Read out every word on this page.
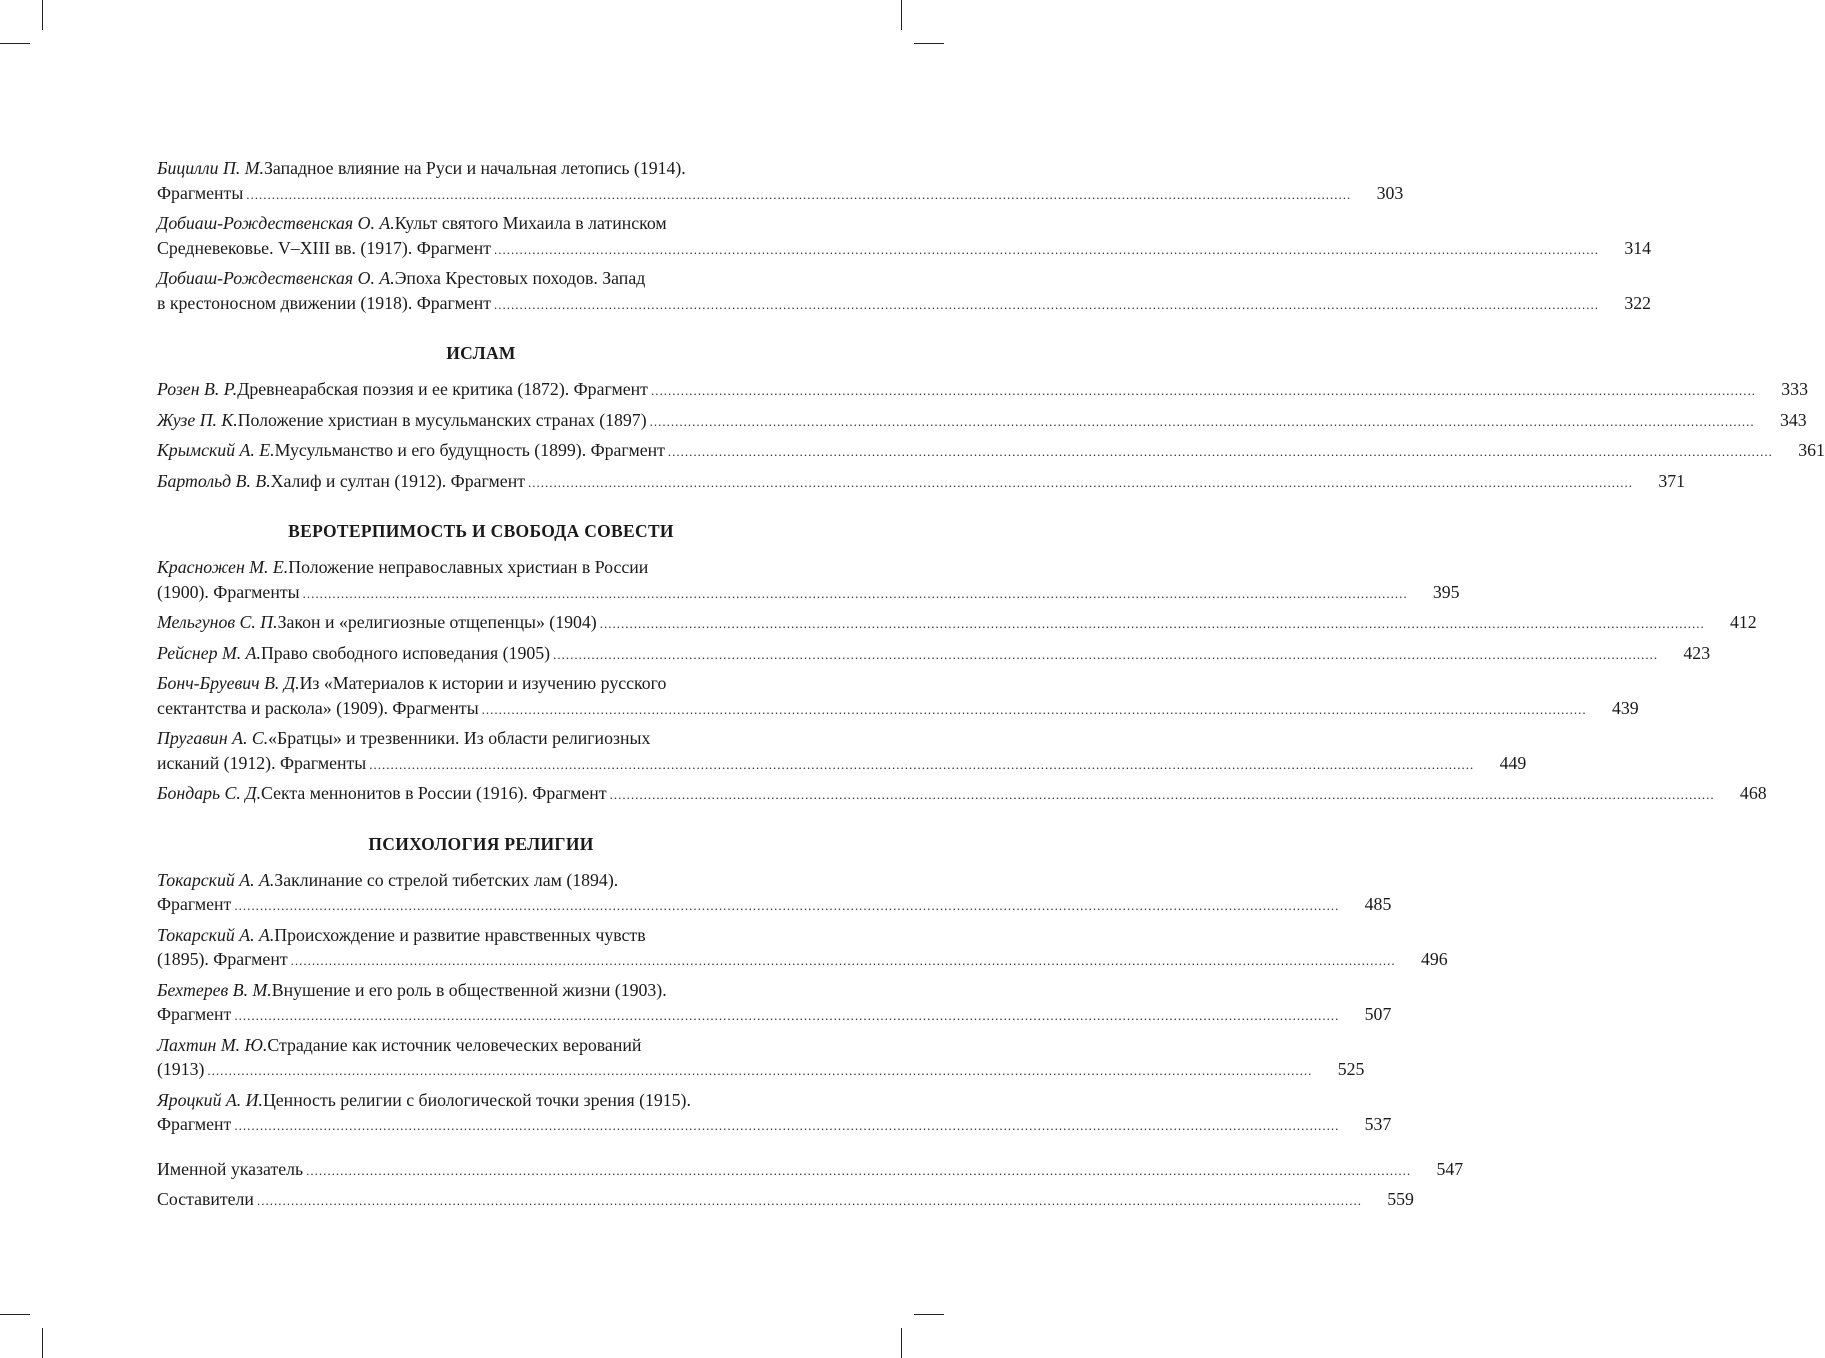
Бицилли П. М. Западное влияние на Руси и начальная летопись (1914).
Фрагменты .................................................................................................................................................................................................................................................................... 303
Добиаш-Рождественская О. А. Культ святого Михаила в латинском
Средневековье. V–XIII вв. (1917). Фрагмент .................................................................................................................................................................................................................................................................... 314
Добиаш-Рождественская О. А. Эпоха Крестовых походов. Запад
в крестоносном движении (1918). Фрагмент .................................................................................................................................................................................................................................................................... 322
ИСЛАМ
Розен В. Р. Древнеарабская поэзия и ее критика (1872). Фрагмент .................................................................................................................................................................................................................................................................... 333
Жузе П. К. Положение христиан в мусульманских странах (1897) .................................................................................................................................................................................................................................................................... 343
Крымский А. Е. Мусульманство и его будущность (1899). Фрагмент .................................................................................................................................................................................................................................................................... 361
Бартольд В. В. Халиф и султан (1912). Фрагмент .................................................................................................................................................................................................................................................................... 371
ВЕРОТЕРПИМОСТЬ И СВОБОДА СОВЕСТИ
Красножен М. Е. Положение неправославных христиан в России
(1900). Фрагменты .................................................................................................................................................................................................................................................................... 395
Мельгунов С. П. Закон и «религиозные отщепенцы» (1904) .................................................................................................................................................................................................................................................................... 412
Рейснер М. А. Право свободного исповедания (1905) .................................................................................................................................................................................................................................................................... 423
Бонч-Бруевич В. Д. Из «Материалов к истории и изучению русского
сектантства и раскола» (1909). Фрагменты .................................................................................................................................................................................................................................................................... 439
Пругавин А. С. «Братцы» и трезвенники. Из области религиозных
исканий (1912). Фрагменты .................................................................................................................................................................................................................................................................... 449
Бондарь С. Д. Секта меннонитов в России (1916). Фрагмент .................................................................................................................................................................................................................................................................... 468
ПСИХОЛОГИЯ РЕЛИГИИ
Токарский А. А. Заклинание со стрелой тибетских лам (1894).
Фрагмент .................................................................................................................................................................................................................................................................... 485
Токарский А. А. Происхождение и развитие нравственных чувств
(1895). Фрагмент .................................................................................................................................................................................................................................................................... 496
Бехтерев В. М. Внушение и его роль в общественной жизни (1903).
Фрагмент .................................................................................................................................................................................................................................................................... 507
Лахтин М. Ю. Страдание как источник человеческих верований
(1913) .................................................................................................................................................................................................................................................................... 525
Яроцкий А. И. Ценность религии с биологической точки зрения (1915).
Фрагмент .................................................................................................................................................................................................................................................................... 537
Именной указатель .................................................................................................................................................................................................................................................................... 547
Составители .................................................................................................................................................................................................................................................................... 559
